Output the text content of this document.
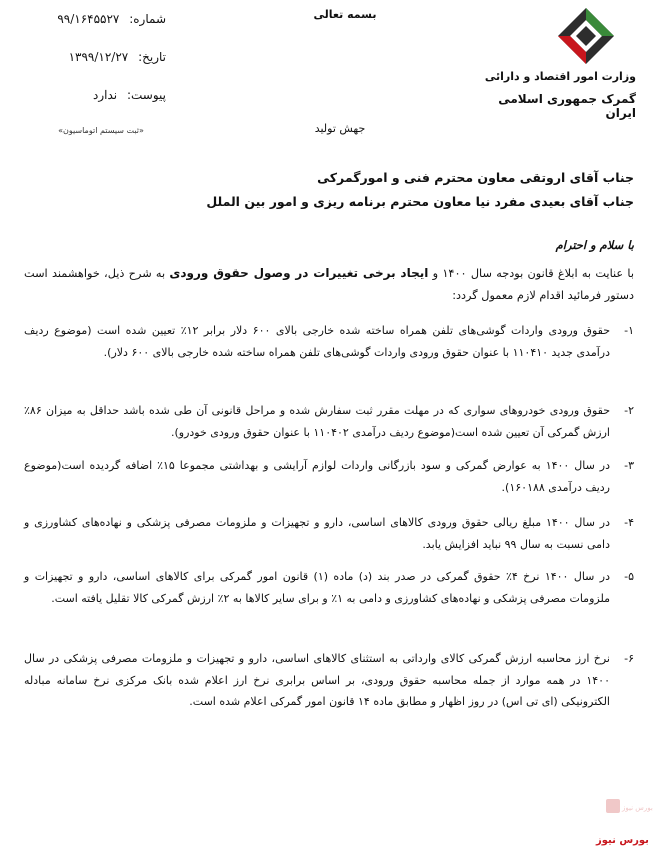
وزارت امور اقتصاد و دارائی
گمرک جمهوری اسلامی ایران
بسمه تعالی
شماره: ۹۹/۱۶۴۵۵۲۷
تاریخ: ۱۳۹۹/۱۲/۲۷
پیوست: ندارد
«ثبت سیستم اتوماسیون»	جهش تولید
جناب آقای اروتقی معاون محترم فنی و امورگمرکی
جناب آقای بعیدی مفرد نیا معاون محترم برنامه ریزی و امور بین الملل
با سلام و احترام
با عنایت به ابلاغ قانون بودجه سال ۱۴۰۰ و ایجاد برخی تغییرات در وصول حقوق ورودی به شرح ذیل، خواهشمند است دستور فرمائید اقدام لازم معمول گردد:
۱-
حقوق ورودی واردات گوشی‌های تلفن همراه ساخته شده خارجی بالای ۶۰۰ دلار برابر ۱۲٪ تعیین شده است (موضوع ردیف درآمدی جدید ۱۱۰۴۱۰ با عنوان حقوق ورودی واردات گوشی‌های تلفن همراه ساخته شده خارجی بالای ۶۰۰ دلار).
۲-
حقوق ورودی خودروهای سواری که در مهلت مقرر ثبت سفارش شده و مراحل قانونی آن طی شده باشد حداقل به میزان ۸۶٪ ارزش گمرکی آن تعیین شده است(موضوع ردیف درآمدی ۱۱۰۴۰۲ با عنوان حقوق ورودی خودرو).
۳-
در سال ۱۴۰۰ به عوارض گمرکی و سود بازرگانی واردات لوازم آرایشی و بهداشتی مجموعا ۱۵٪ اضافه گردیده است(موضوع ردیف درآمدی ۱۶۰۱۸۸).
۴-
در سال ۱۴۰۰ مبلغ ریالی حقوق ورودی کالاهای اساسی، دارو و تجهیزات و ملزومات مصرفی پزشکی و نهاده‌های کشاورزی و دامی نسبت به سال ۹۹ نباید افزایش یابد.
۵-
در سال ۱۴۰۰ نرخ ۴٪ حقوق گمرکی در صدر بند (د) ماده (۱) قانون امور گمرکی برای کالاهای اساسی، دارو و تجهیزات و ملزومات مصرفی پزشکی و نهاده‌های کشاورزی و دامی به ۱٪ و برای سایر کالاها به ۲٪ ارزش گمرکی کالا تقلیل یافته است.
۶-
نرخ ارز محاسبه ارزش گمرکی کالای وارداتی به استثنای کالاهای اساسی، دارو و تجهیزات و ملزومات مصرفی پزشکی در سال ۱۴۰۰ در همه موارد از جمله محاسبه حقوق ورودی، بر اساس برابری نرخ ارز اعلام شده بانک مرکزی نرخ سامانه مبادله الکترونیکی (ای تی اس) در روز اظهار و مطابق ماده ۱۴ قانون امور گمرکی اعلام شده است.
بورس نیوز
بورس نیوز
